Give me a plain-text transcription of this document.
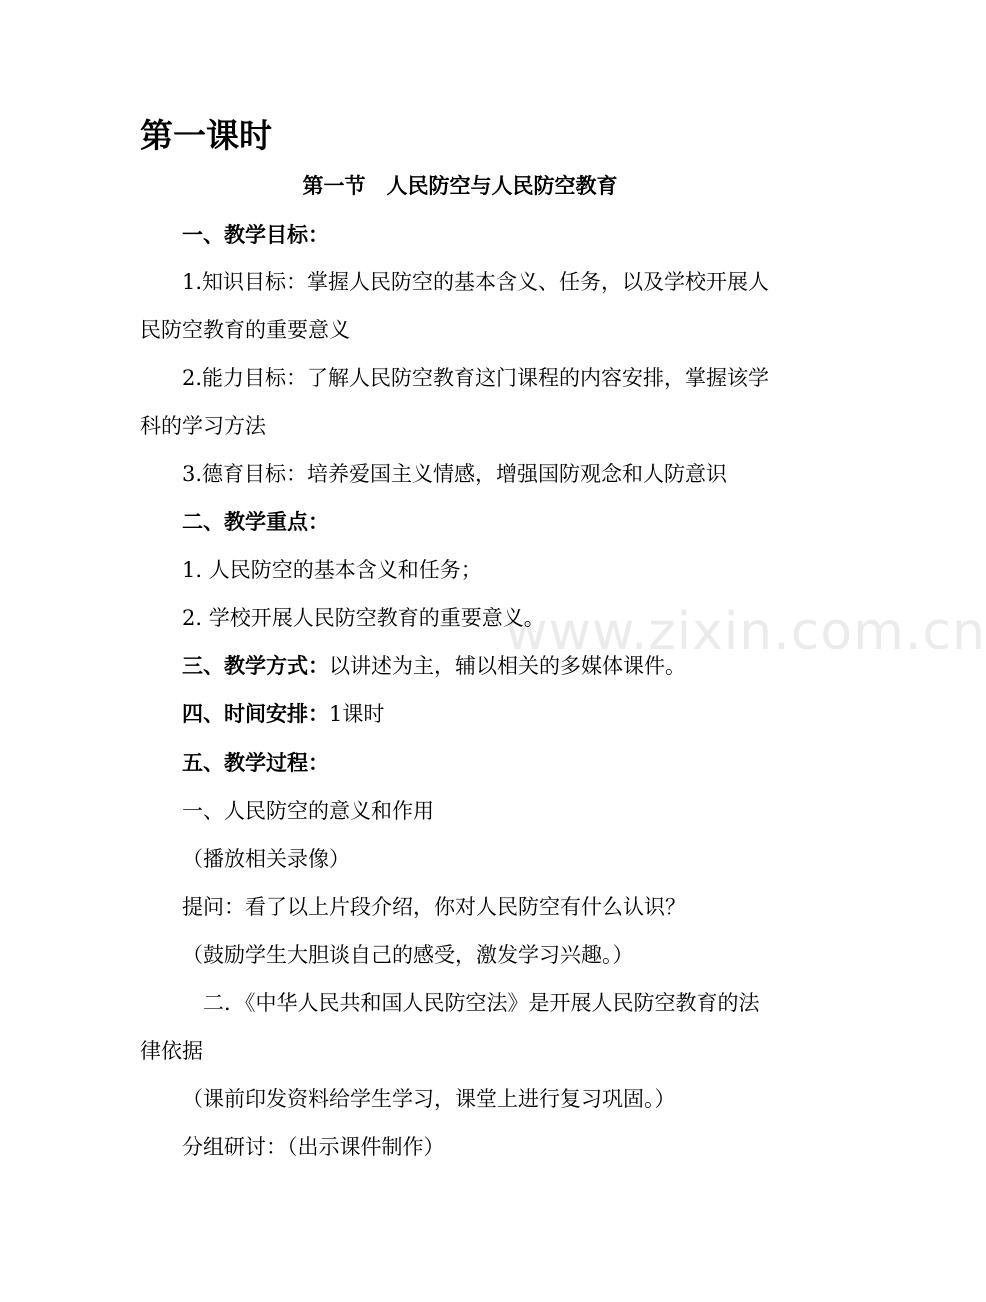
第一课时
第一节　人民防空与人民防空教育
一、教学目标：
1.知识目标：掌握人民防空的基本含义、任务，以及学校开展人
民防空教育的重要意义
2.能力目标：了解人民防空教育这门课程的内容安排，掌握该学
科的学习方法
3.德育目标：培养爱国主义情感，增强国防观念和人防意识
二、教学重点：
1. 人民防空的基本含义和任务；
2. 学校开展人民防空教育的重要意义。
三、教学方式：以讲述为主，辅以相关的多媒体课件。
四、时间安排：1课时
五、教学过程：
一、人民防空的意义和作用
（播放相关录像）
提问：看了以上片段介绍，你对人民防空有什么认识？
（鼓励学生大胆谈自己的感受，激发学习兴趣。）
二．《中华人民共和国人民防空法》是开展人民防空教育的法
律依据
（课前印发资料给学生学习，课堂上进行复习巩固。）
分组研讨：（出示课件制作）
www.zixin.com.cn
